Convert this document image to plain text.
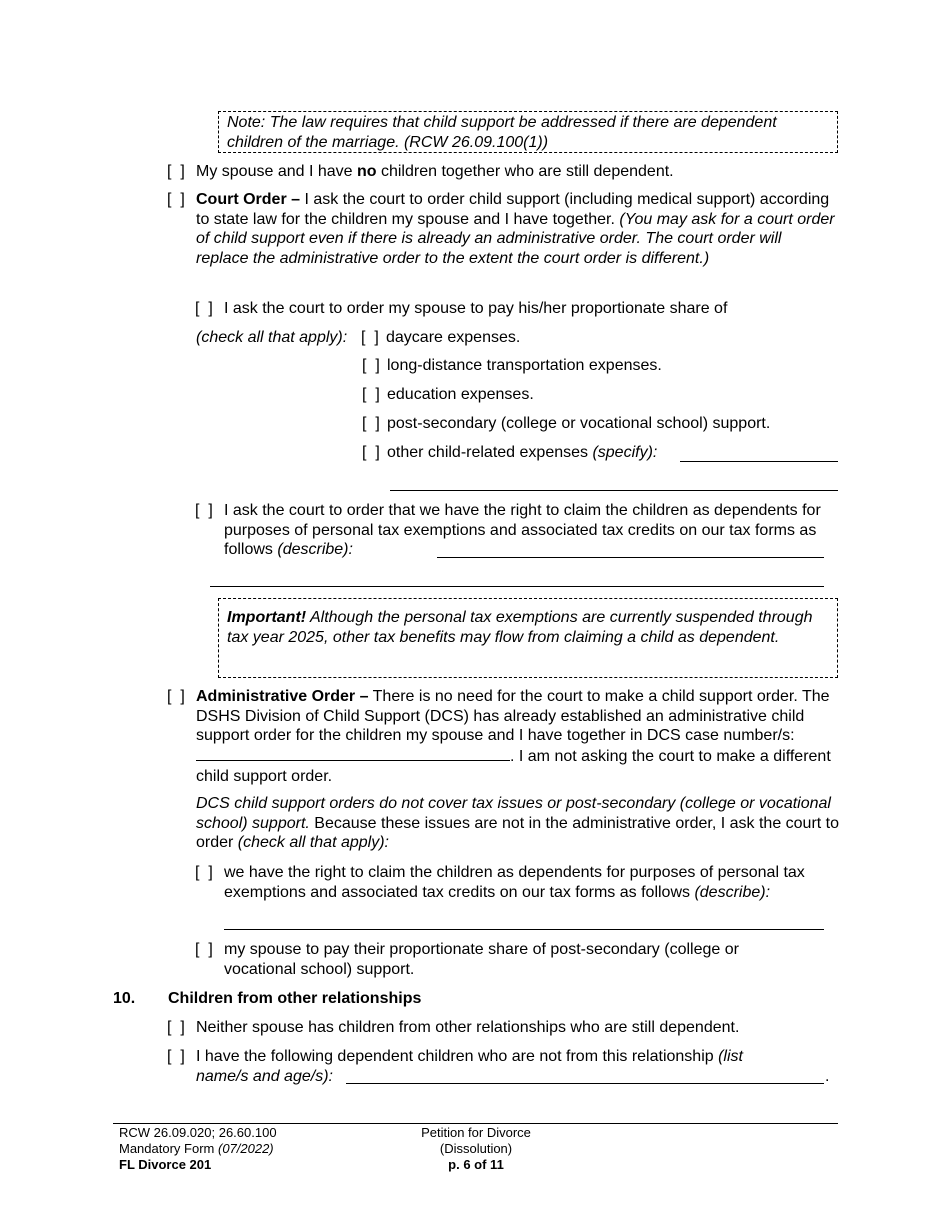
Note: The law requires that child support be addressed if there are dependent children of the marriage. (RCW 26.09.100(1))
[  ] My spouse and I have no children together who are still dependent.
[  ] Court Order – I ask the court to order child support (including medical support) according to state law for the children my spouse and I have together. (You may ask for a court order of child support even if there is already an administrative order. The court order will replace the administrative order to the extent the court order is different.)
[  ] I ask the court to order my spouse to pay his/her proportionate share of
(check all that apply): [  ] daycare expenses.
[  ] long-distance transportation expenses.
[  ] education expenses.
[  ] post-secondary (college or vocational school) support.
[  ] other child-related expenses (specify):
[  ] I ask the court to order that we have the right to claim the children as dependents for purposes of personal tax exemptions and associated tax credits on our tax forms as follows (describe):
Important! Although the personal tax exemptions are currently suspended through tax year 2025, other tax benefits may flow from claiming a child as dependent.
[  ] Administrative Order – There is no need for the court to make a child support order. The DSHS Division of Child Support (DCS) has already established an administrative child support order for the children my spouse and I have together in DCS case number/s: . I am not asking the court to make a different child support order.
DCS child support orders do not cover tax issues or post-secondary (college or vocational school) support. Because these issues are not in the administrative order, I ask the court to order (check all that apply):
[  ] we have the right to claim the children as dependents for purposes of personal tax exemptions and associated tax credits on our tax forms as follows (describe):
[  ] my spouse to pay their proportionate share of post-secondary (college or vocational school) support.
10. Children from other relationships
[  ] Neither spouse has children from other relationships who are still dependent.
[  ] I have the following dependent children who are not from this relationship (list name/s and age/s):	.
RCW 26.09.020; 26.60.100
Mandatory Form (07/2022)
FL Divorce 201
Petition for Divorce
(Dissolution)
p. 6 of 11
